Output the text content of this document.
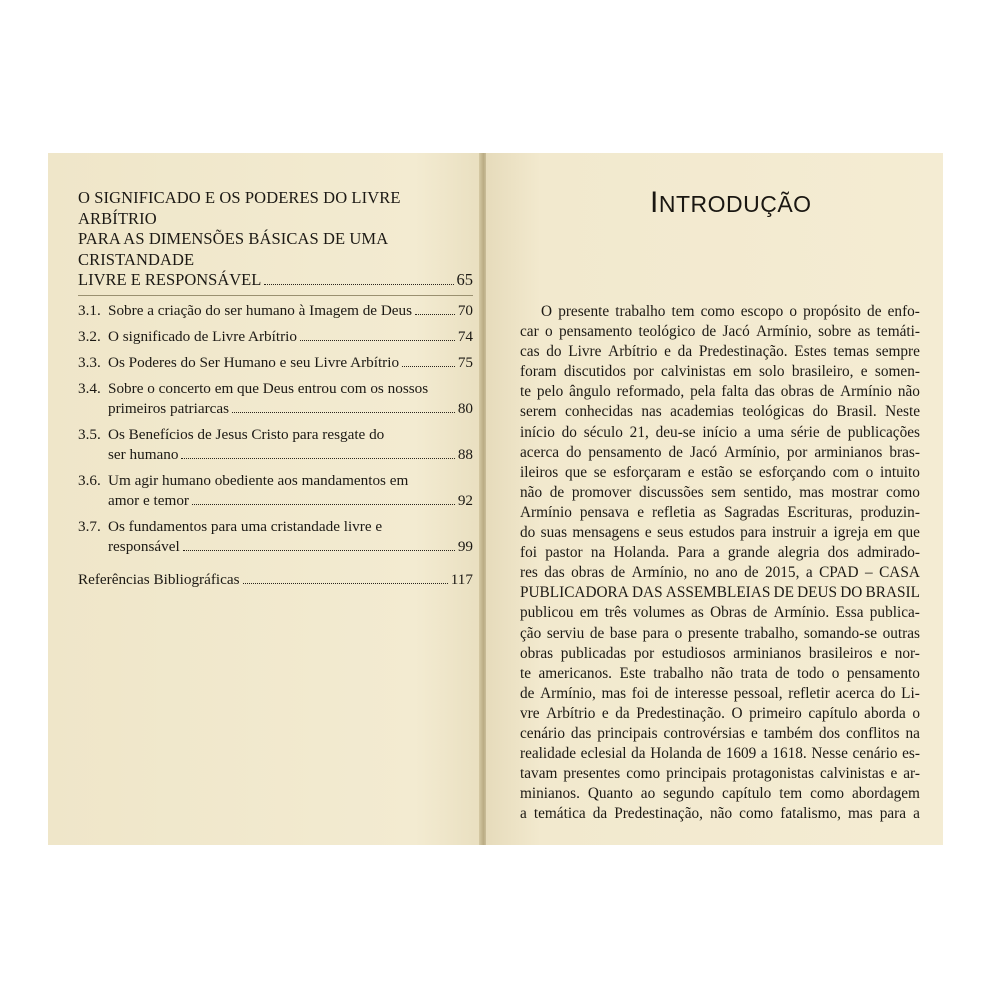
O SIGNIFICADO E OS PODERES DO LIVRE ARBÍTRIO
PARA AS DIMENSÕES BÁSICAS DE UMA CRISTANDADE
LIVRE E RESPONSÁVEL	65
3.1. Sobre a criação do ser humano à Imagem de Deus	70
3.2. O significado de Livre Arbítrio	74
3.3. Os Poderes do Ser Humano e seu Livre Arbítrio	75
3.4. Sobre o concerto em que Deus entrou com os nossos
primeiros patriarcas	80
3.5. Os Benefícios de Jesus Cristo para resgate do
ser humano	88
3.6. Um agir humano obediente aos mandamentos em
amor e temor	92
3.7. Os fundamentos para uma cristandade livre e
responsável	99
Referências Bibliográficas	117
INTRODUÇÃO
O presente trabalho tem como escopo o propósito de enfo-
car o pensamento teológico de Jacó Armínio, sobre as temáti-
cas do Livre Arbítrio e da Predestinação. Estes temas sempre
foram discutidos por calvinistas em solo brasileiro, e somen-
te pelo ângulo reformado, pela falta das obras de Armínio não
serem conhecidas nas academias teológicas do Brasil. Neste
início do século 21, deu-se início a uma série de publicações
acerca do pensamento de Jacó Armínio, por arminianos bras-
ileiros que se esforçaram e estão se esforçando com o intuito
não de promover discussões sem sentido, mas mostrar como
Armínio pensava e refletia as Sagradas Escrituras, produzin-
do suas mensagens e seus estudos para instruir a igreja em que
foi pastor na Holanda. Para a grande alegria dos admirado-
res das obras de Armínio, no ano de 2015, a CPAD – CASA
PUBLICADORA DAS ASSEMBLEIAS DE DEUS DO BRASIL
publicou em três volumes as Obras de Armínio. Essa publica-
ção serviu de base para o presente trabalho, somando-se outras
obras publicadas por estudiosos arminianos brasileiros e nor-
te americanos. Este trabalho não trata de todo o pensamento
de Armínio, mas foi de interesse pessoal, refletir acerca do Li-
vre Arbítrio e da Predestinação. O primeiro capítulo aborda o
cenário das principais controvérsias e também dos conflitos na
realidade eclesial da Holanda de 1609 a 1618. Nesse cenário es-
tavam presentes como principais protagonistas calvinistas e ar-
minianos. Quanto ao segundo capítulo tem como abordagem
a temática da Predestinação, não como fatalismo, mas para a
